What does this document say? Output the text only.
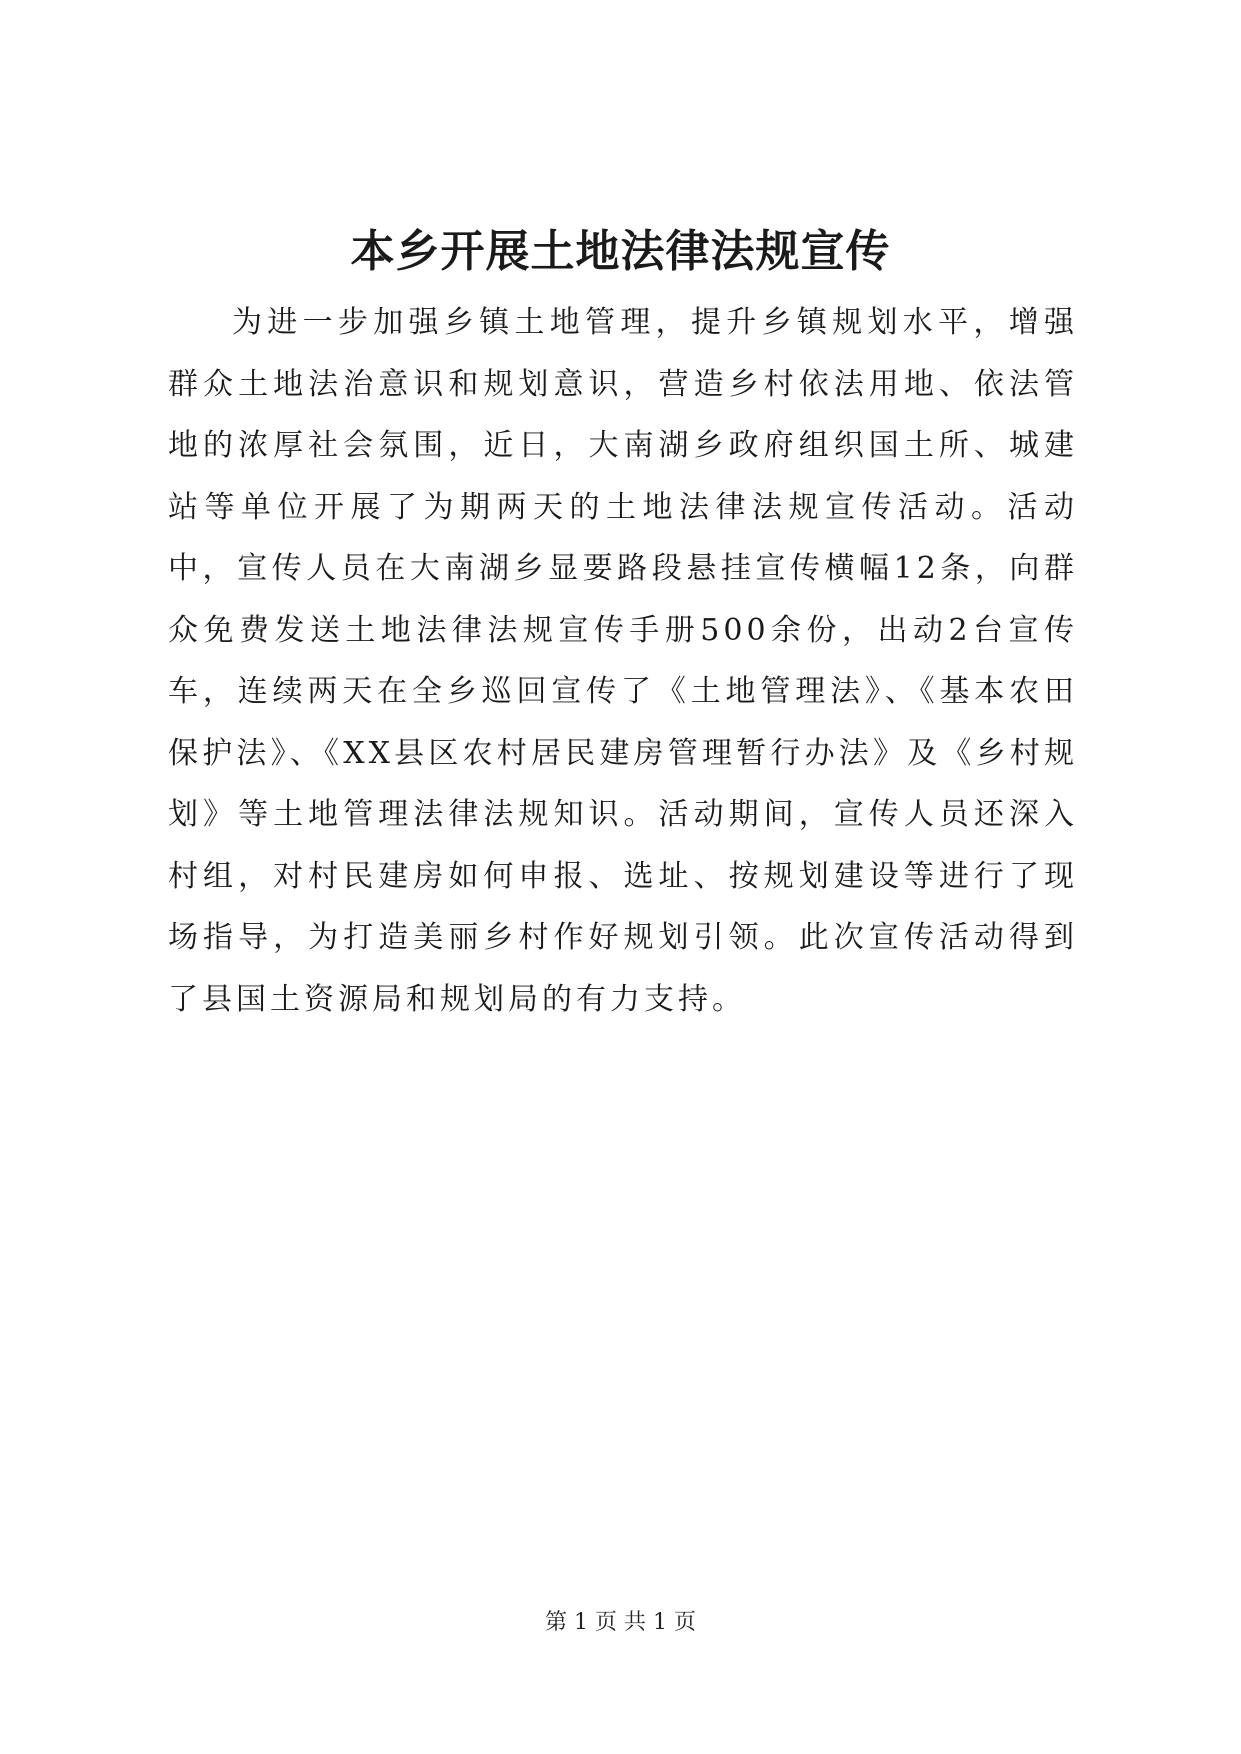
本乡开展土地法律法规宣传

为进一步加强乡镇土地管理，提升乡镇规划水平，增强群众土地法治意识和规划意识，营造乡村依法用地、依法管地的浓厚社会氛围，近日，大南湖乡政府组织国土所、城建站等单位开展了为期两天的土地法律法规宣传活动。活动中，宣传人员在大南湖乡显要路段悬挂宣传横幅12条，向群众免费发送土地法律法规宣传手册500余份，出动2台宣传车，连续两天在全乡巡回宣传了《土地管理法》、《基本农田保护法》、《XX县区农村居民建房管理暂行办法》及《乡村规划》等土地管理法律法规知识。活动期间，宣传人员还深入村组，对村民建房如何申报、选址、按规划建设等进行了现场指导，为打造美丽乡村作好规划引领。此次宣传活动得到了县国土资源局和规划局的有力支持。

第 1 页 共 1 页
